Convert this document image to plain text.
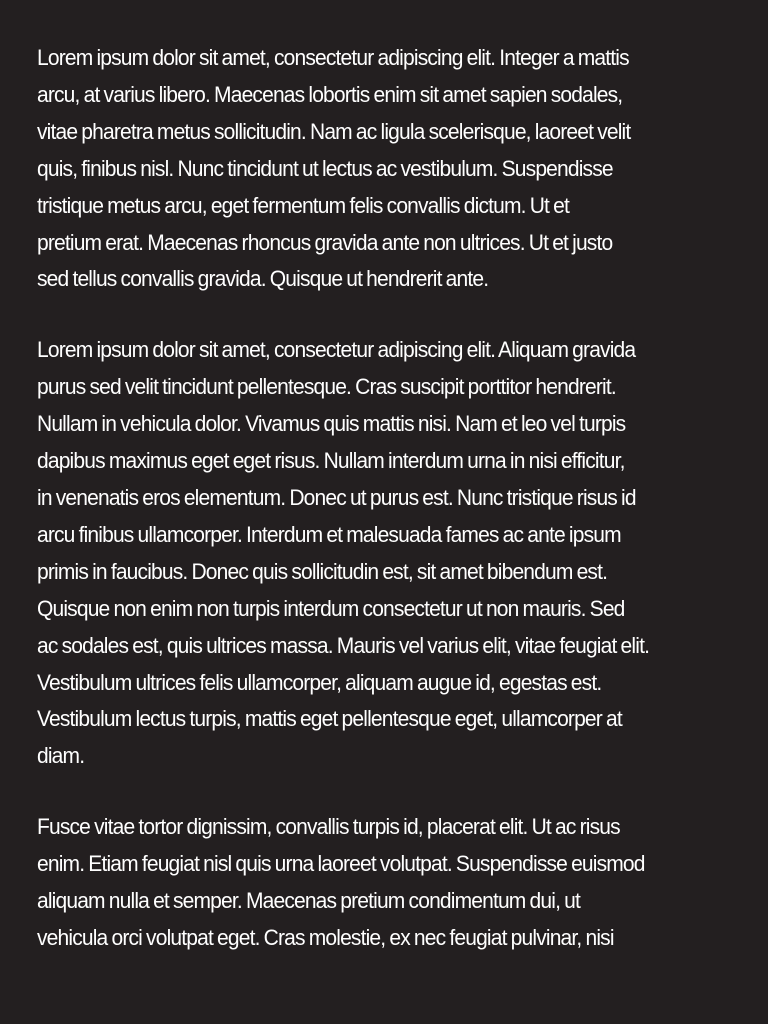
Lorem ipsum dolor sit amet, consectetur adipiscing elit. Integer a mattis
arcu, at varius libero. Maecenas lobortis enim sit amet sapien sodales,
vitae pharetra metus sollicitudin. Nam ac ligula scelerisque, laoreet velit
quis, finibus nisl. Nunc tincidunt ut lectus ac vestibulum. Suspendisse
tristique metus arcu, eget fermentum felis convallis dictum. Ut et
pretium erat. Maecenas rhoncus gravida ante non ultrices. Ut et justo
sed tellus convallis gravida. Quisque ut hendrerit ante.

Lorem ipsum dolor sit amet, consectetur adipiscing elit. Aliquam gravida
purus sed velit tincidunt pellentesque. Cras suscipit porttitor hendrerit.
Nullam in vehicula dolor. Vivamus quis mattis nisi. Nam et leo vel turpis
dapibus maximus eget eget risus. Nullam interdum urna in nisi efficitur,
in venenatis eros elementum. Donec ut purus est. Nunc tristique risus id
arcu finibus ullamcorper. Interdum et malesuada fames ac ante ipsum
primis in faucibus. Donec quis sollicitudin est, sit amet bibendum est.
Quisque non enim non turpis interdum consectetur ut non mauris. Sed
ac sodales est, quis ultrices massa. Mauris vel varius elit, vitae feugiat elit.
Vestibulum ultrices felis ullamcorper, aliquam augue id, egestas est.
Vestibulum lectus turpis, mattis eget pellentesque eget, ullamcorper at
diam.

Fusce vitae tortor dignissim, convallis turpis id, placerat elit. Ut ac risus
enim. Etiam feugiat nisl quis urna laoreet volutpat. Suspendisse euismod
aliquam nulla et semper. Maecenas pretium condimentum dui, ut
vehicula orci volutpat eget. Cras molestie, ex nec feugiat pulvinar, nisi
